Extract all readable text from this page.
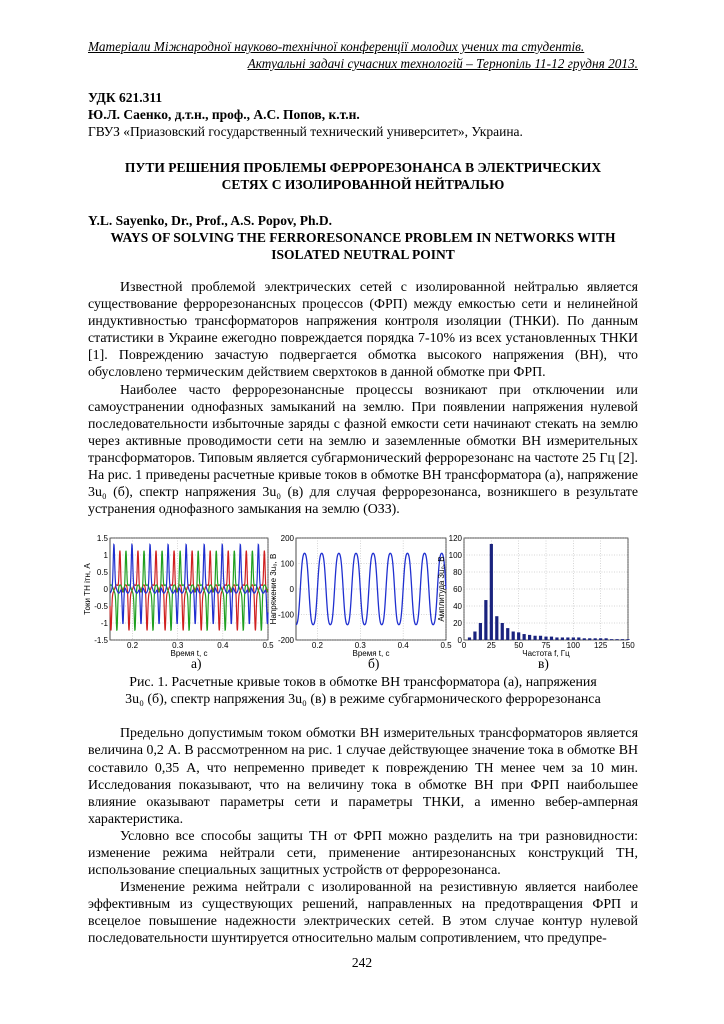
Матеріали Міжнародної науково-технічної конференції молодих учених та студентів.
Актуальні задачі сучасних технологій – Тернопіль 11-12 грудня 2013.
УДК 621.311
Ю.Л. Саенко, д.т.н., проф., А.С. Попов, к.т.н.
ГВУЗ «Приазовский государственный технический университет», Украина.
ПУТИ РЕШЕНИЯ ПРОБЛЕМЫ ФЕРРОРЕЗОНАНСА В ЭЛЕКТРИЧЕСКИХ
СЕТЯХ С ИЗОЛИРОВАННОЙ НЕЙТРАЛЬЮ
Y.L. Sayenko, Dr., Prof., A.S. Popov, Ph.D.
WAYS OF SOLVING THE FERRORESONANCE PROBLEM IN NETWORKS WITH
ISOLATED NEUTRAL POINT

Известной проблемой электрических сетей с изолированной нейтралью является существование феррорезонансных процессов (ФРП) между емкостью сети и нелинейной индуктивностью трансформаторов напряжения контроля изоляции (ТНКИ). По данным статистики в Украине ежегодно повреждается порядка 7-10% из всех установленных ТНКИ [1]. Повреждению зачастую подвергается обмотка высокого напряжения (ВН), что обусловлено термическим действием сверхтоков в данной обмотке при ФРП.

Наиболее часто феррорезонансные процессы возникают при отключении или самоустранении однофазных замыканий на землю. При появлении напряжения нулевой последовательности избыточные заряды с фазной емкости сети начинают стекать на землю через активные проводимости сети на землю и заземленные обмотки ВН измерительных трансформаторов. Типовым является субгармонический феррорезонанс на частоте 25 Гц [2]. На рис. 1 приведены расчетные кривые токов в обмотке ВН трансформатора (а), напряжение 3u₀ (б), спектр напряжения 3u₀ (в) для случая феррорезонанса, возникшего в результате устранения однофазного замыкания на землю (ОЗЗ).

0.2	0.3	0.4	0.5
1.5
1
0.5
0
-0.5
-1
-1.5
Время t, с
Токи ТН iтн, А
0.2	0.3	0.4	0.5
200
100
0
-100
-200
Время t, с
Напряжение 3u₀, В
0	25 50 75 100 125 150
120
100
80
60
40
20
0
Частота f, Гц
Амплитуда 3u₀, В
а)	б)	в)
Рис. 1. Расчетные кривые токов в обмотке ВН трансформатора (а), напряжения
3u₀ (б), спектр напряжения 3u₀ (в) в режиме субгармонического феррорезонанса

Предельно допустимым током обмотки ВН измерительных трансформаторов является величина 0,2 А. В рассмотренном на рис. 1 случае действующее значение тока в обмотке ВН составило 0,35 А, что непременно приведет к повреждению ТН менее чем за 10 мин. Исследования показывают, что на величину тока в обмотке ВН при ФРП наибольшее влияние оказывают параметры сети и параметры ТНКИ, а именно вебер-амперная характеристика.

Условно все способы защиты ТН от ФРП можно разделить на три разновидности: изменение режима нейтрали сети, применение антирезонансных конструкций ТН, использование специальных защитных устройств от феррорезонанса.

Изменение режима нейтрали с изолированной на резистивную является наиболее эффективным из существующих решений, направленных на предотвращения ФРП и всецелое повышение надежности электрических сетей. В этом случае контур нулевой последовательности шунтируется относительно малым сопротивлением, что предупре-

242
